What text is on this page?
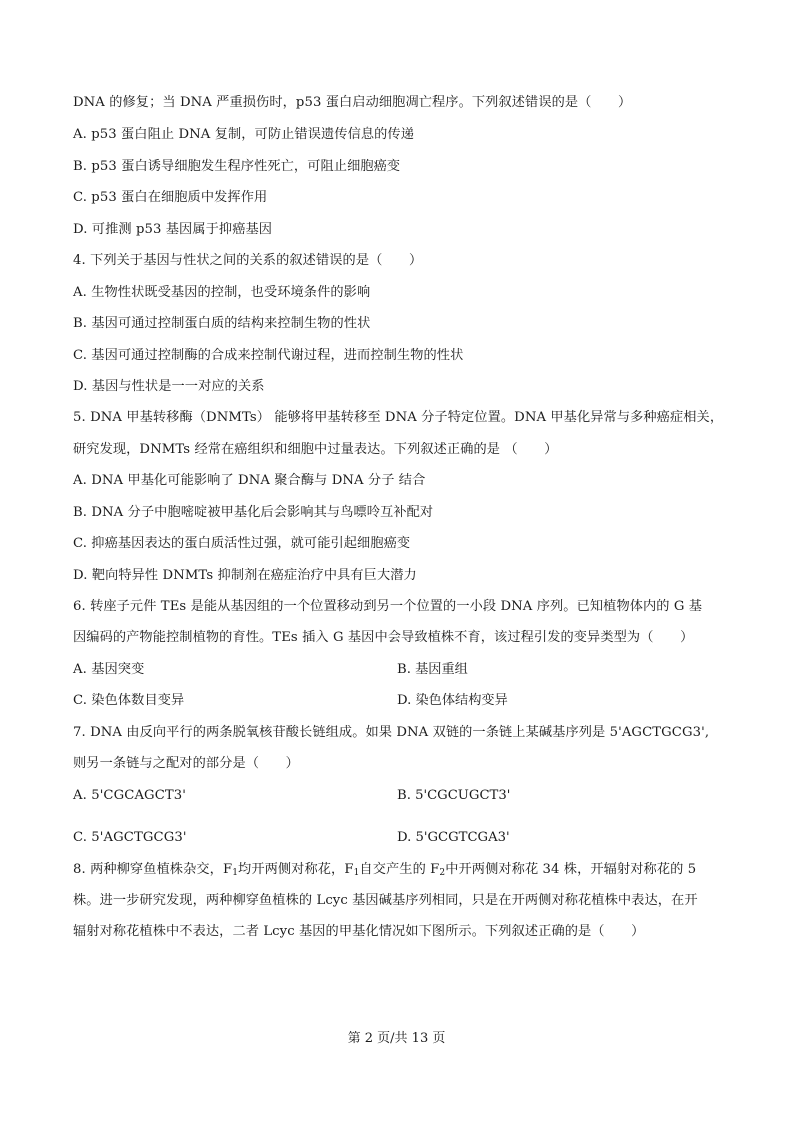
DNA 的修复；当 DNA 严重损伤时，p53 蛋白启动细胞凋亡程序。下列叙述错误的是（　　）
A. p53 蛋白阻止 DNA 复制，可防止错误遗传信息的传递
B. p53 蛋白诱导细胞发生程序性死亡，可阻止细胞癌变
C. p53 蛋白在细胞质中发挥作用
D. 可推测 p53 基因属于抑癌基因
4. 下列关于基因与性状之间的关系的叙述错误的是（　　）
A. 生物性状既受基因的控制，也受环境条件的影响
B. 基因可通过控制蛋白质的结构来控制生物的性状
C. 基因可通过控制酶的合成来控制代谢过程，进而控制生物的性状
D. 基因与性状是一一对应的关系
5. DNA 甲基转移酶（DNMTs） 能够将甲基转移至 DNA 分子特定位置。DNA 甲基化异常与多种癌症相关，
研究发现，DNMTs 经常在癌组织和细胞中过量表达。下列叙述正确的是 （　　）
A. DNA 甲基化可能影响了 DNA 聚合酶与 DNA 分子 结合
B. DNA 分子中胞嘧啶被甲基化后会影响其与鸟嘌呤互补配对
C. 抑癌基因表达的蛋白质活性过强，就可能引起细胞癌变
D. 靶向特异性 DNMTs 抑制剂在癌症治疗中具有巨大潜力
6. 转座子元件 TEs 是能从基因组的一个位置移动到另一个位置的一小段 DNA 序列。已知植物体内的 G 基
因编码的产物能控制植物的育性。TEs 插入 G 基因中会导致植株不育，该过程引发的变异类型为（　　）
A. 基因突变	B. 基因重组
C. 染色体数目变异	D. 染色体结构变异
7. DNA 由反向平行的两条脱氧核苷酸长链组成。如果 DNA 双链的一条链上某碱基序列是 5'AGCTGCG3',
则另一条链与之配对的部分是（　　）
A. 5'CGCAGCT3'	B. 5'CGCUGCT3'
C. 5'AGCTGCG3'	D. 5'GCGTCGA3'
8. 两种柳穿鱼植株杂交，$F_1$均开两侧对称花，$F_1$自交产生的 $F_2$中开两侧对称花 34 株，开辐射对称花的 5
株。进一步研究发现，两种柳穿鱼植株的 Lcyc 基因碱基序列相同，只是在开两侧对称花植株中表达，在开
辐射对称花植株中不表达，二者 Lcyc 基因的甲基化情况如下图所示。下列叙述正确的是（　　）
第 2 页/共 13 页
